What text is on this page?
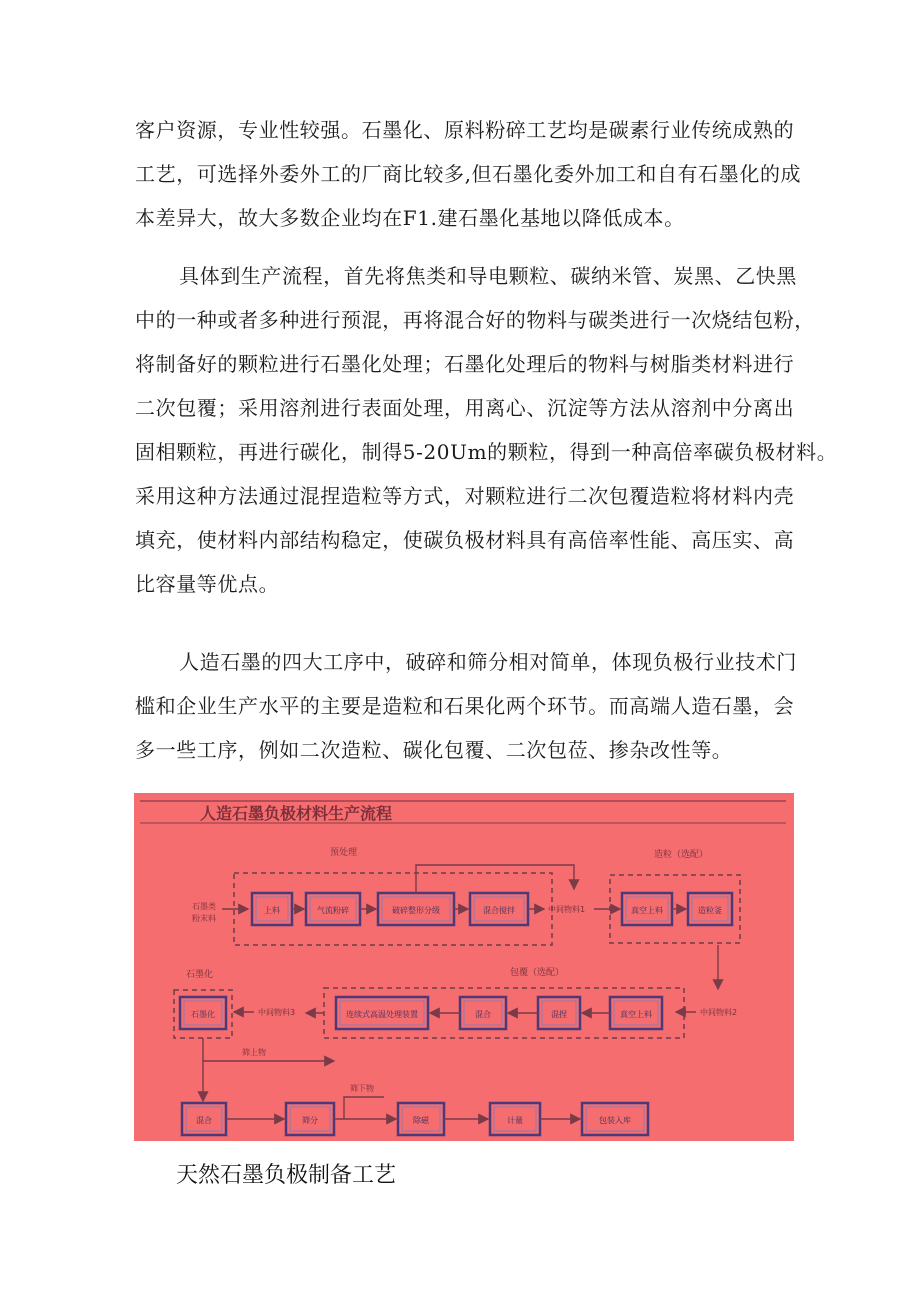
客户资源，专业性较强。石墨化、原料粉碎工艺均是碳素行业传统成熟的

工艺，可选择外委外工的厂商比较多,但石墨化委外加工和自有石墨化的成

本差异大，故大多数企业均在F1.建石墨化基地以降低成本。

具体到生产流程，首先将焦类和导电颗粒、碳纳米管、炭黑、乙快黑

中的一种或者多种进行预混，再将混合好的物料与碳类进行一次烧结包粉，

将制备好的颗粒进行石墨化处理；石墨化处理后的物料与树脂类材料进行

二次包覆；采用溶剂进行表面处理，用离心、沉淀等方法从溶剂中分离出

固相颗粒，再进行碳化，制得5-20Um的颗粒，得到一种高倍率碳负极材料。

采用这种方法通过混捏造粒等方式，对颗粒进行二次包覆造粒将材料内壳

填充，使材料内部结构稳定，使碳负极材料具有高倍率性能、高压实、高

比容量等优点。

人造石墨的四大工序中，破碎和筛分相对简单，体现负极行业技术门

槛和企业生产水平的主要是造粒和石果化两个环节。而高端人造石墨，会

多一些工序，例如二次造粒、碳化包覆、二次包莅、掺杂改性等。

人造石墨负极材料生产流程
预处理	造粒（选配）
包覆（选配）
石墨化
石墨类 粉末料
上料	气流粉碎	破碎整形分级	混合搅拌	中间物料1	真空上料	造粒釜
中间物料2
真空上料
混捏
混合
连续式高温处理装置
中间物料3
石墨化
筛上物
混合	筛分
筛下物
除磁	计量	包装入库

天然石墨负极制备工艺
